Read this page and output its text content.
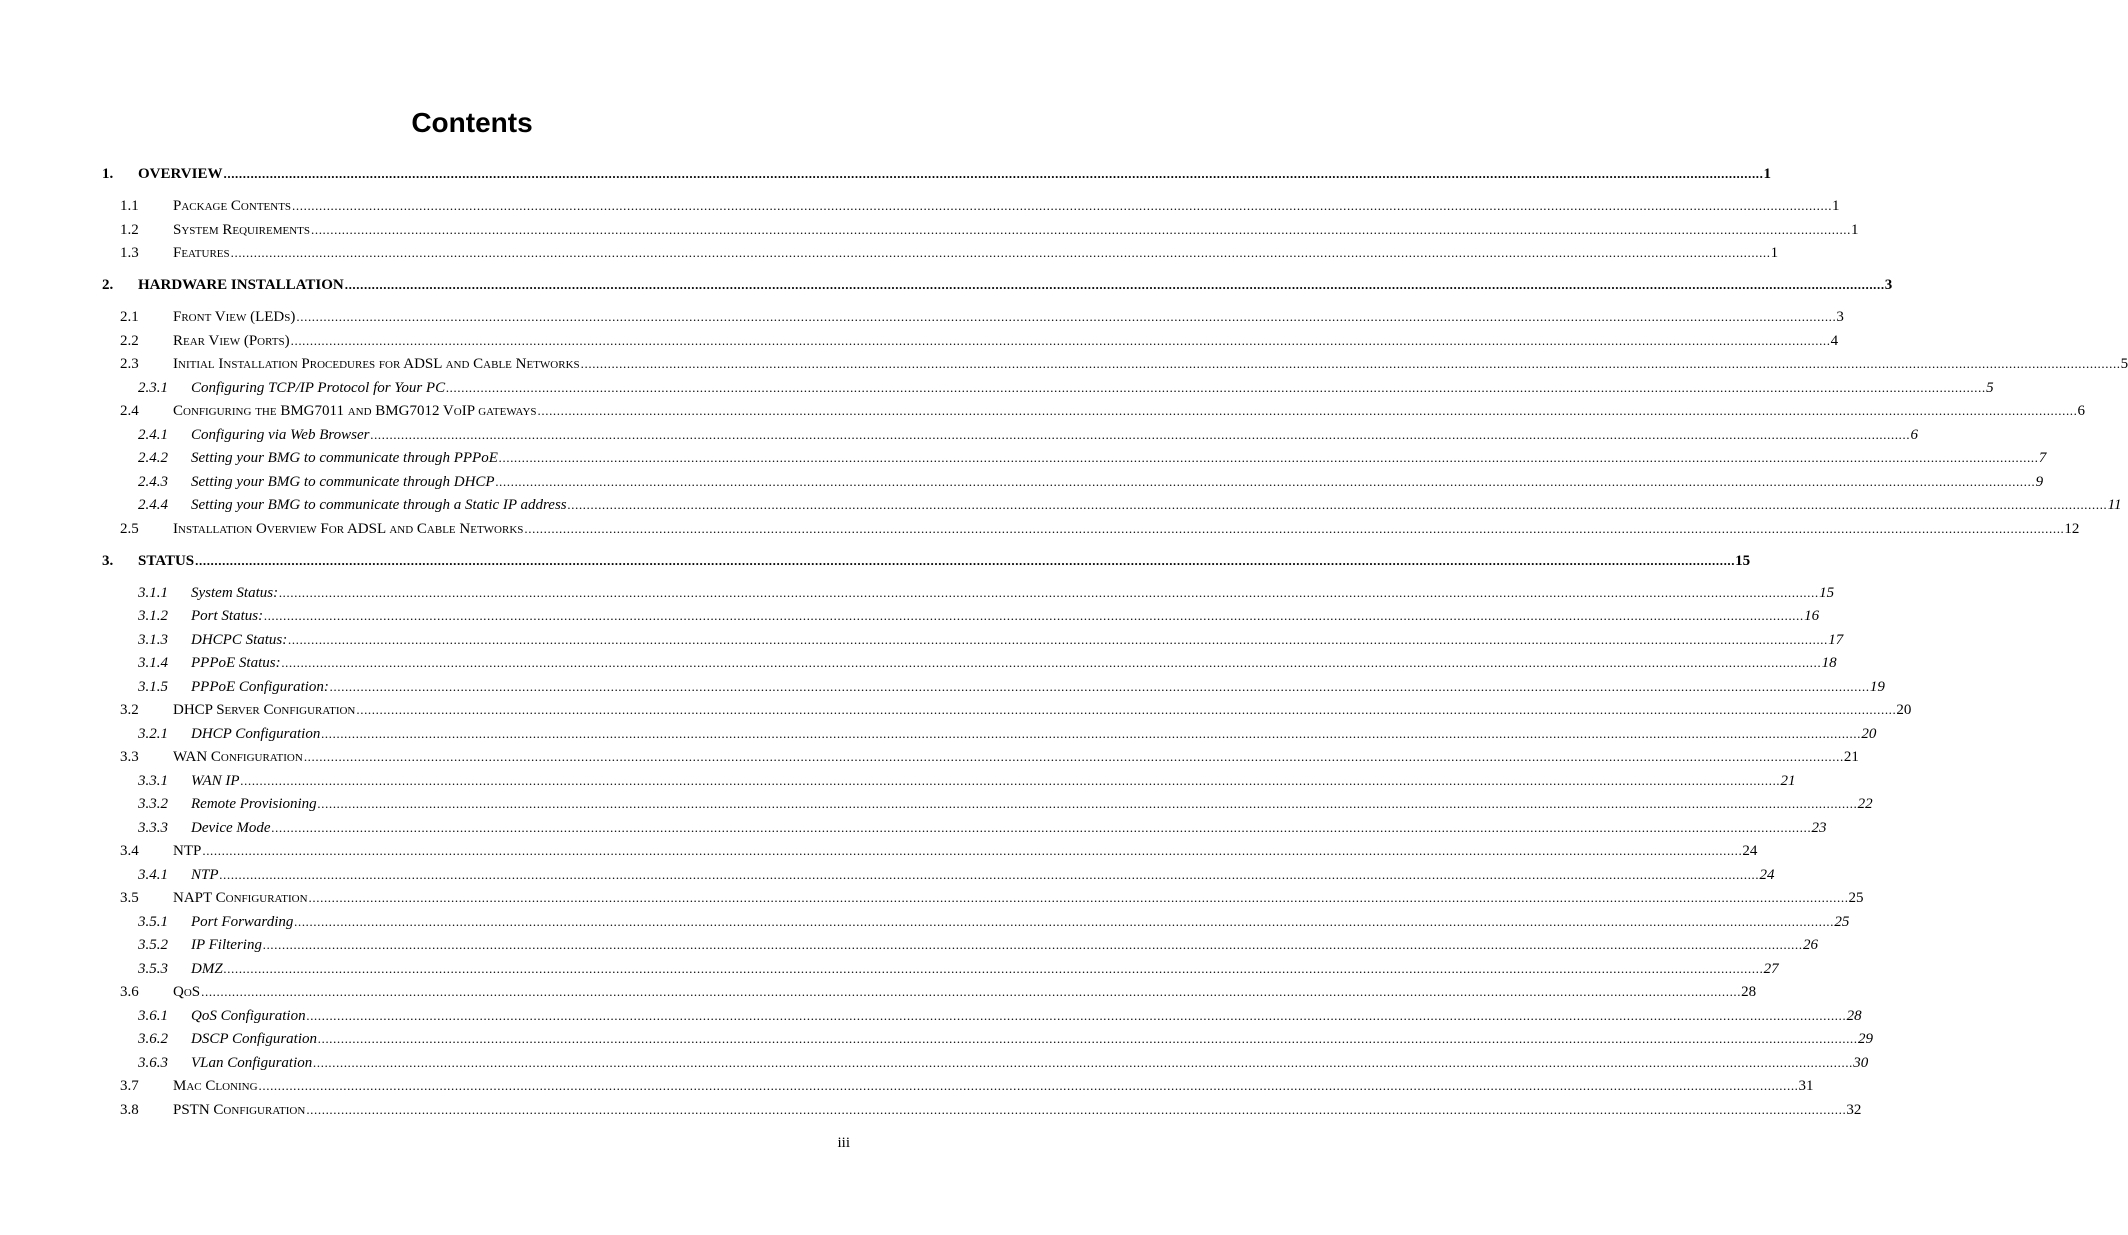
Contents
1.	OVERVIEW ................................................................................................................................................................................................................................................................................................................................................................................................................ 1
1.1	Package Contents ................................................................................................................................................................................................................................................................................................................................................................................................................ 1
1.2	System Requirements ................................................................................................................................................................................................................................................................................................................................................................................................................ 1
1.3	Features ................................................................................................................................................................................................................................................................................................................................................................................................................ 1
2.	HARDWARE INSTALLATION ................................................................................................................................................................................................................................................................................................................................................................................................................ 3
2.1	Front View (LEDs) ................................................................................................................................................................................................................................................................................................................................................................................................................ 3
2.2	Rear View (Ports) ................................................................................................................................................................................................................................................................................................................................................................................................................ 4
2.3	Initial Installation Procedures for ADSL and Cable Networks ................................................................................................................................................................................................................................................................................................................................................................................................................ 5
2.3.1	Configuring TCP/IP Protocol for Your PC ................................................................................................................................................................................................................................................................................................................................................................................................................ 5
2.4	Configuring the BMG7011 and BMG7012 VoIP gateways ................................................................................................................................................................................................................................................................................................................................................................................................................ 6
2.4.1	Configuring via Web Browser ................................................................................................................................................................................................................................................................................................................................................................................................................ 6
2.4.2	Setting your BMG to communicate through PPPoE ................................................................................................................................................................................................................................................................................................................................................................................................................ 7
2.4.3	Setting your BMG to communicate through DHCP ................................................................................................................................................................................................................................................................................................................................................................................................................ 9
2.4.4	Setting your BMG to communicate through a Static IP address ................................................................................................................................................................................................................................................................................................................................................................................................................ 11
2.5	Installation Overview For ADSL and Cable Networks ................................................................................................................................................................................................................................................................................................................................................................................................................ 12
3.	STATUS ................................................................................................................................................................................................................................................................................................................................................................................................................ 15
3.1.1	System Status: ................................................................................................................................................................................................................................................................................................................................................................................................................ 15
3.1.2	Port Status: ................................................................................................................................................................................................................................................................................................................................................................................................................ 16
3.1.3	DHCPC Status: ................................................................................................................................................................................................................................................................................................................................................................................................................ 17
3.1.4	PPPoE Status: ................................................................................................................................................................................................................................................................................................................................................................................................................ 18
3.1.5	PPPoE Configuration: ................................................................................................................................................................................................................................................................................................................................................................................................................ 19
3.2	DHCP Server Configuration ................................................................................................................................................................................................................................................................................................................................................................................................................ 20
3.2.1	DHCP Configuration ................................................................................................................................................................................................................................................................................................................................................................................................................ 20
3.3	WAN Configuration ................................................................................................................................................................................................................................................................................................................................................................................................................ 21
3.3.1	WAN IP ................................................................................................................................................................................................................................................................................................................................................................................................................ 21
3.3.2	Remote Provisioning ................................................................................................................................................................................................................................................................................................................................................................................................................ 22
3.3.3	Device Mode ................................................................................................................................................................................................................................................................................................................................................................................................................ 23
3.4	NTP ................................................................................................................................................................................................................................................................................................................................................................................................................ 24
3.4.1	NTP ................................................................................................................................................................................................................................................................................................................................................................................................................ 24
3.5	NAPT Configuration ................................................................................................................................................................................................................................................................................................................................................................................................................ 25
3.5.1	Port Forwarding ................................................................................................................................................................................................................................................................................................................................................................................................................ 25
3.5.2	IP Filtering ................................................................................................................................................................................................................................................................................................................................................................................................................ 26
3.5.3	DMZ ................................................................................................................................................................................................................................................................................................................................................................................................................ 27
3.6	QoS ................................................................................................................................................................................................................................................................................................................................................................................................................ 28
3.6.1	QoS Configuration ................................................................................................................................................................................................................................................................................................................................................................................................................ 28
3.6.2	DSCP Configuration ................................................................................................................................................................................................................................................................................................................................................................................................................ 29
3.6.3	VLan Configuration ................................................................................................................................................................................................................................................................................................................................................................................................................ 30
3.7	Mac Cloning ................................................................................................................................................................................................................................................................................................................................................................................................................ 31
3.8	PSTN Configuration ................................................................................................................................................................................................................................................................................................................................................................................................................ 32
iii
